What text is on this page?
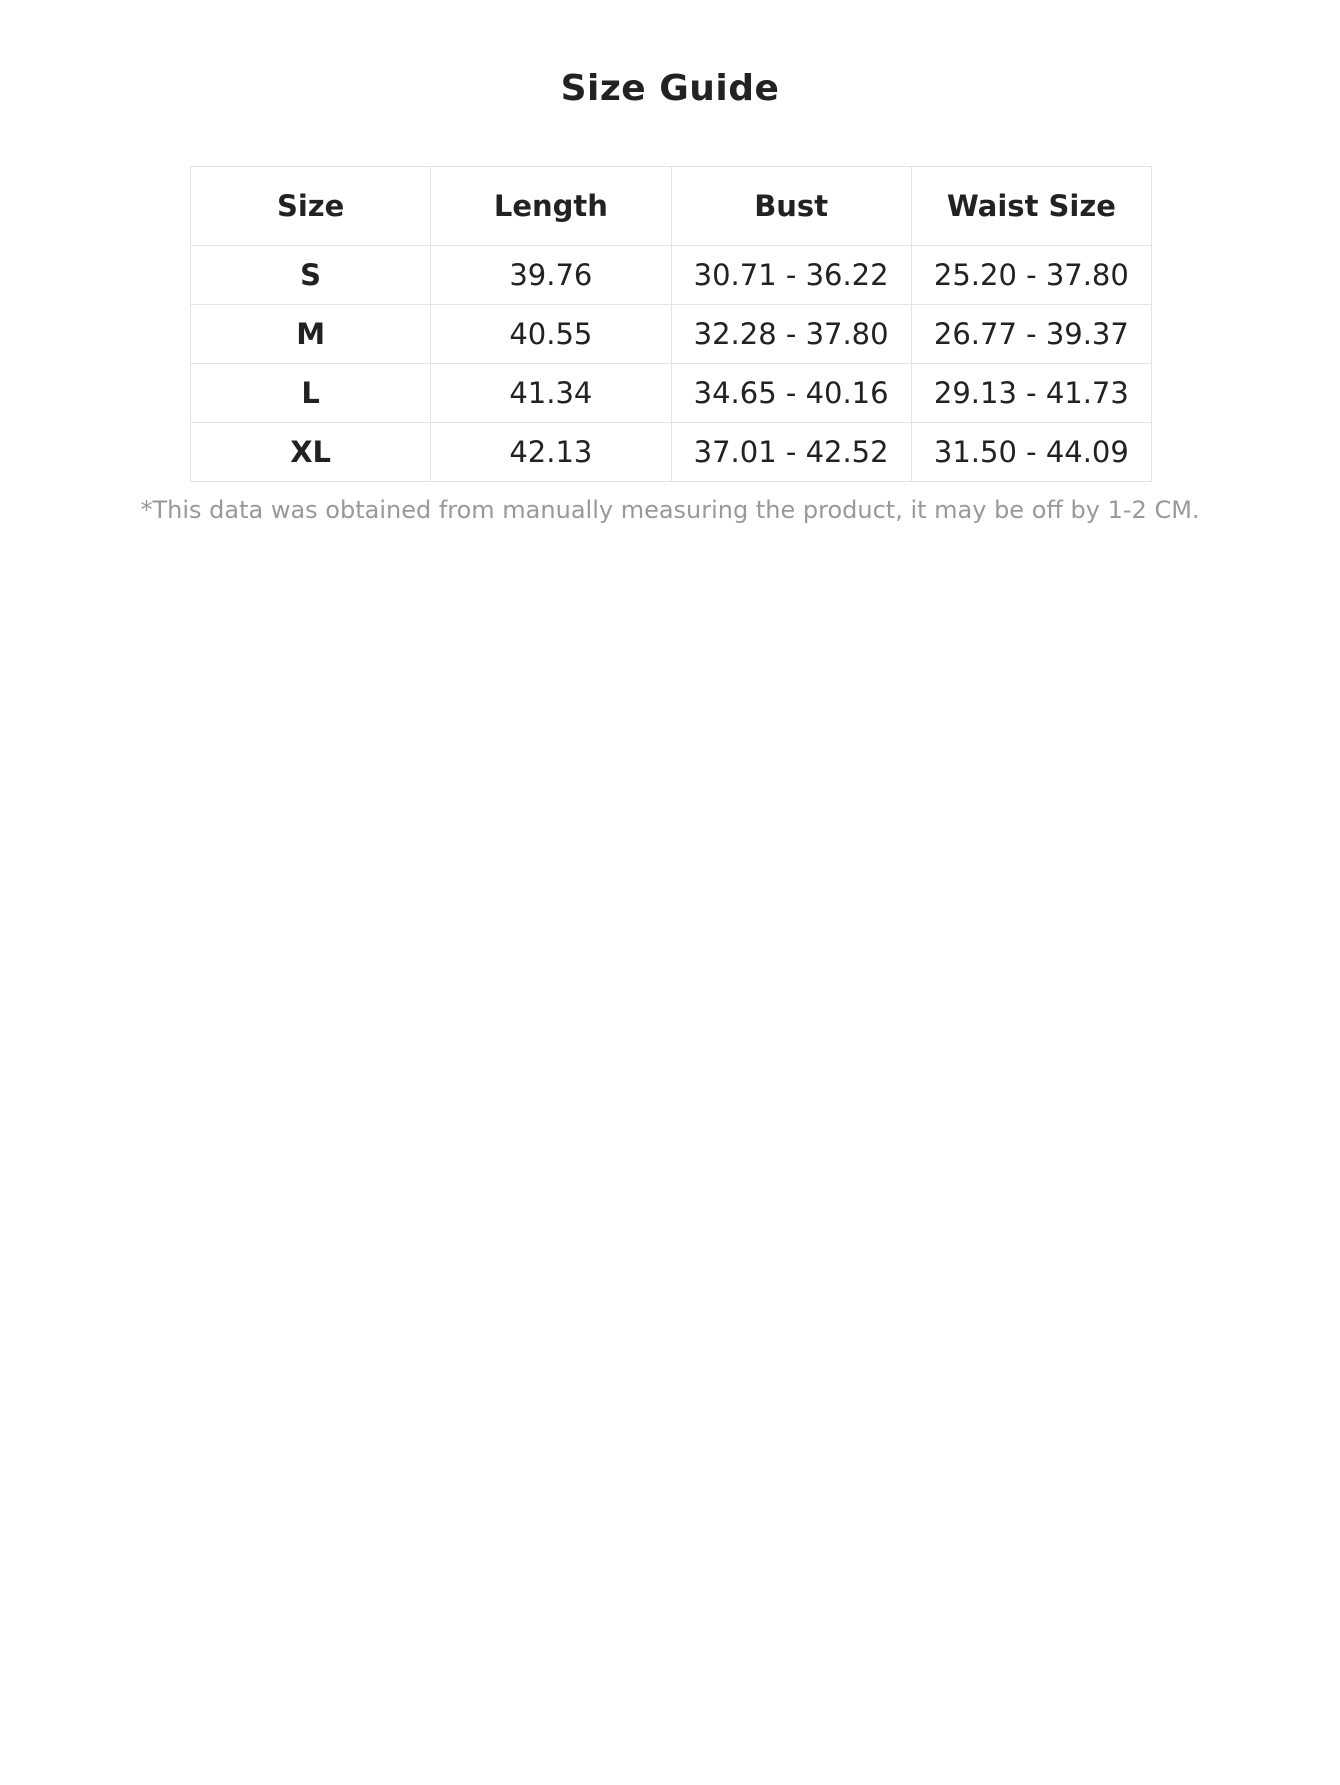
Size Guide
Size	Length	Bust	Waist Size
S	39.76	30.71 - 36.22	25.20 - 37.80
M	40.55	32.28 - 37.80	26.77 - 39.37
L	41.34	34.65 - 40.16	29.13 - 41.73
XL	42.13	37.01 - 42.52	31.50 - 44.09

*This data was obtained from manually measuring the product, it may be off by 1-2 CM.
